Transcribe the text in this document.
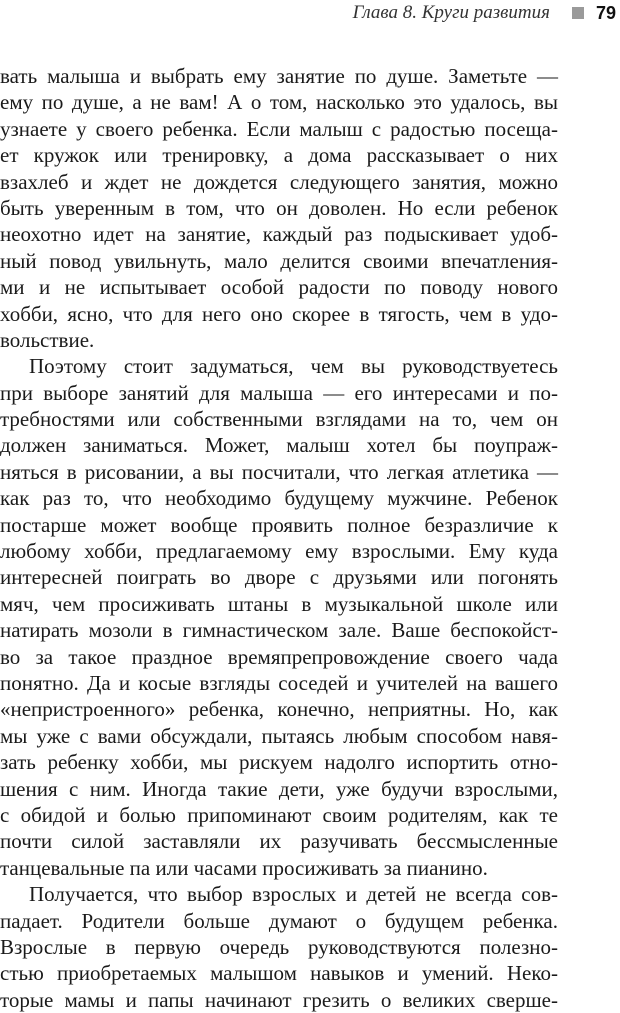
Глава 8. Круги развития	79
вать малыша и выбрать ему занятие по душе. Заметьте —
ему по душе, а не вам! А о том, насколько это удалось, вы
узнаете у своего ребенка. Если малыш с радостью посещa-
ет кружок или тренировку, а дома рассказывает о них
взахлеб и ждет не дождется следующего занятия, можно
быть уверенным в том, что он доволен. Но если ребенок
неохотно идет на занятие, каждый раз подыскивает удоб-
ный повод увильнуть, мало делится своими впечатления-
ми и не испытывает особой радости по поводу нового
хобби, ясно, что для него оно скорее в тягость, чем в удо-
вольствие.
Поэтому стоит задуматься, чем вы руководствуетесь
при выборе занятий для малыша — его интересами и по-
требностями или собственными взглядами на то, чем он
должен заниматься. Может, малыш хотел бы поупраж-
няться в рисовании, а вы посчитали, что легкая атлетика —
как раз то, что необходимо будущему мужчине. Ребенок
постарше может вообще проявить полное безразличие к
любому хобби, предлагаемому ему взрослыми. Ему куда
интересней поиграть во дворе с друзьями или погонять
мяч, чем просиживать штаны в музыкальной школе или
натирать мозоли в гимнастическом зале. Ваше беспокойст-
во за такое праздное времяпрепровождение своего чада
понятно. Да и косые взгляды соседей и учителей на вашего
«непристроенного» ребенка, конечно, неприятны. Но, как
мы уже с вами обсуждали, пытаясь любым способом навя-
зать ребенку хобби, мы рискуем надолго испортить отно-
шения с ним. Иногда такие дети, уже будучи взрослыми,
с обидой и болью припоминают своим родителям, как те
почти силой заставляли их разучивать бессмысленные
танцевальные па или часами просиживать за пианино.
Получается, что выбор взрослых и детей не всегда сов-
падает. Родители больше думают о будущем ребенка.
Взрослые в первую очередь руководствуются полезно-
стью приобретаемых малышом навыков и умений. Неко-
торые мамы и папы начинают грезить о великих сверше-
